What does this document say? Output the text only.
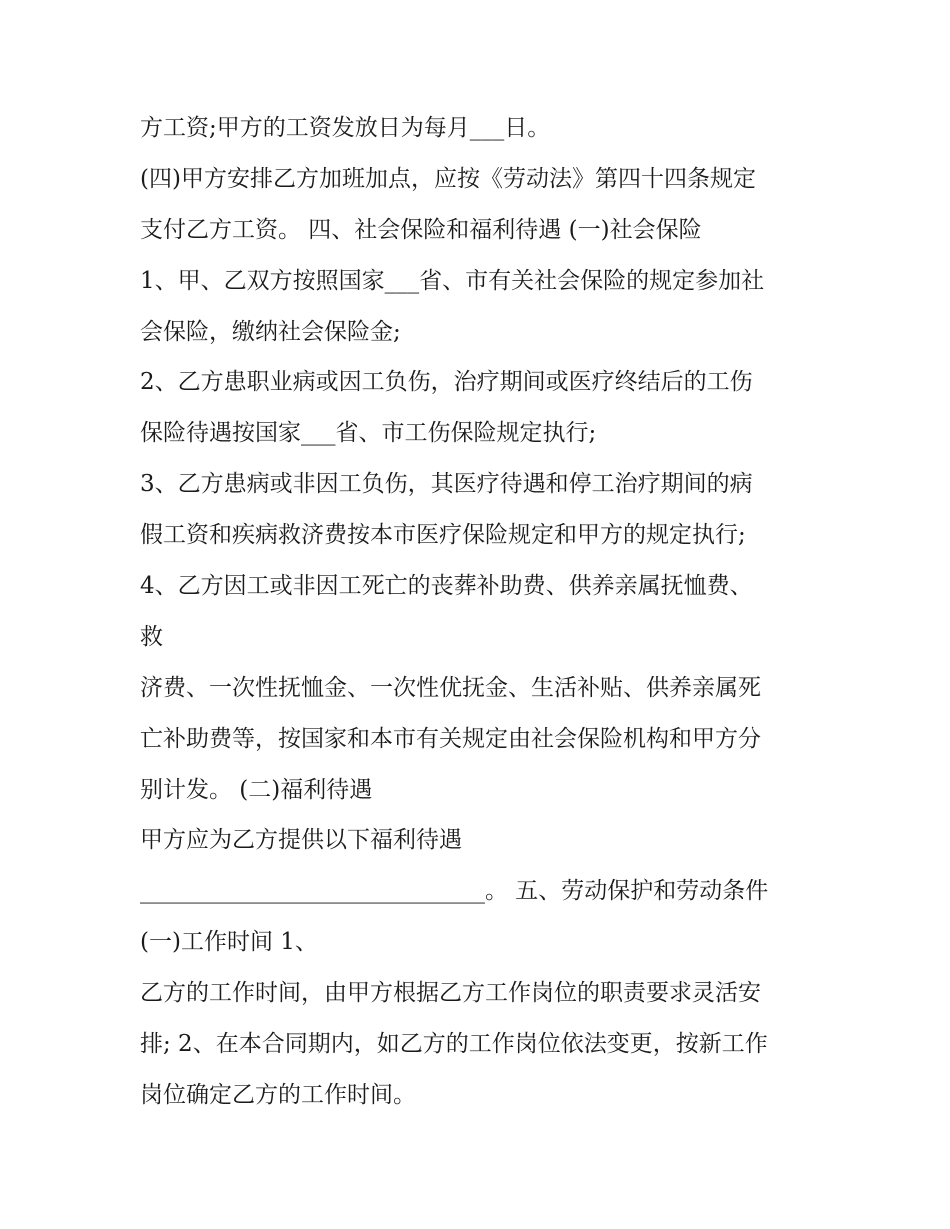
方工资;甲方的工资发放日为每月___日。
(四)甲方安排乙方加班加点，应按《劳动法》第四十四条规定
支付乙方工资。 四、社会保险和福利待遇 (一)社会保险
1、甲、乙双方按照国家___省、市有关社会保险的规定参加社
会保险，缴纳社会保险金;
2、乙方患职业病或因工负伤，治疗期间或医疗终结后的工伤
保险待遇按国家___省、市工伤保险规定执行;
3、乙方患病或非因工负伤，其医疗待遇和停工治疗期间的病
假工资和疾病救济费按本市医疗保险规定和甲方的规定执行;
4、乙方因工或非因工死亡的丧葬补助费、供养亲属抚恤费、
救
济费、一次性抚恤金、一次性优抚金、生活补贴、供养亲属死
亡补助费等，按国家和本市有关规定由社会保险机构和甲方分
别计发。 (二)福利待遇
甲方应为乙方提供以下福利待遇
______________________________。 五、劳动保护和劳动条件
(一)工作时间 1、
乙方的工作时间，由甲方根据乙方工作岗位的职责要求灵活安
排; 2、在本合同期内，如乙方的工作岗位依法变更，按新工作
岗位确定乙方的工作时间。
